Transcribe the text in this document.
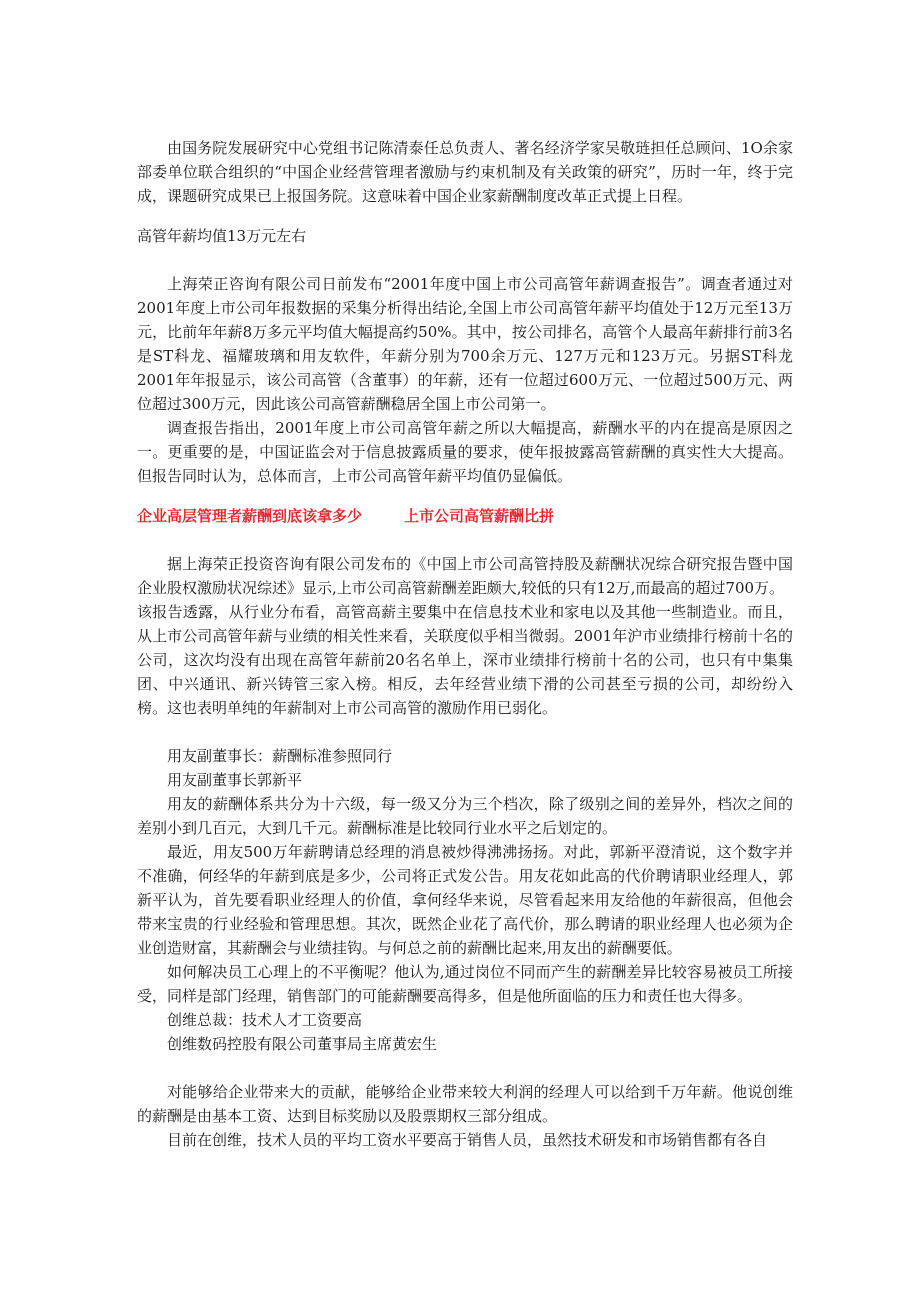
由国务院发展研究中心党组书记陈清泰任总负责人、著名经济学家吴敬琏担任总顾问、1O余家部委单位联合组织的“中国企业经营管理者激励与约束机制及有关政策的研究”，历时一年，终于完成，课题研究成果已上报国务院。这意味着中国企业家薪酬制度改革正式提上日程。

高管年薪均值13万元左右

上海荣正咨询有限公司日前发布“2001年度中国上市公司高管年薪调查报告”。调查者通过对2001年度上市公司年报数据的采集分析得出结论,全国上市公司高管年薪平均值处于12万元至13万元，比前年年薪8万多元平均值大幅提高约50%。其中，按公司排名，高管个人最高年薪排行前3名是ST科龙、福耀玻璃和用友软件，年薪分别为700余万元、127万元和123万元。另据ST科龙2001年年报显示，该公司高管（含董事）的年薪，还有一位超过600万元、一位超过500万元、两位超过300万元，因此该公司高管薪酬稳居全国上市公司第一。

调查报告指出，2001年度上市公司高管年薪之所以大幅提高，薪酬水平的内在提高是原因之一。更重要的是，中国证监会对于信息披露质量的要求，使年报披露高管薪酬的真实性大大提高。但报告同时认为，总体而言，上市公司高管年薪平均值仍显偏低。

企业高层管理者薪酬到底该拿多少	上市公司高管薪酬比拼

据上海荣正投资咨询有限公司发布的《中国上市公司高管持股及薪酬状况综合研究报告暨中国企业股权激励状况综述》显示,上市公司高管薪酬差距颇大,较低的只有12万,而最高的超过700万。

该报告透露，从行业分布看，高管高薪主要集中在信息技术业和家电以及其他一些制造业。而且，从上市公司高管年薪与业绩的相关性来看，关联度似乎相当微弱。2001年沪市业绩排行榜前十名的公司，这次均没有出现在高管年薪前20名名单上，深市业绩排行榜前十名的公司，也只有中集集团、中兴通讯、新兴铸管三家入榜。相反，去年经营业绩下滑的公司甚至亏损的公司，却纷纷入榜。这也表明单纯的年薪制对上市公司高管的激励作用已弱化。

用友副董事长：薪酬标准参照同行

用友副董事长郭新平

用友的薪酬体系共分为十六级，每一级又分为三个档次，除了级别之间的差异外，档次之间的差别小到几百元，大到几千元。薪酬标准是比较同行业水平之后划定的。

最近，用友500万年薪聘请总经理的消息被炒得沸沸扬扬。对此，郭新平澄清说，这个数字并不准确，何经华的年薪到底是多少，公司将正式发公告。用友花如此高的代价聘请职业经理人，郭新平认为，首先要看职业经理人的价值，拿何经华来说，尽管看起来用友给他的年薪很高，但他会带来宝贵的行业经验和管理思想。其次，既然企业花了高代价，那么聘请的职业经理人也必须为企业创造财富，其薪酬会与业绩挂钩。与何总之前的薪酬比起来,用友出的薪酬要低。

如何解决员工心理上的不平衡呢？他认为,通过岗位不同而产生的薪酬差异比较容易被员工所接受，同样是部门经理，销售部门的可能薪酬要高得多，但是他所面临的压力和责任也大得多。

创维总裁：技术人才工资要高

创维数码控股有限公司董事局主席黄宏生

对能够给企业带来大的贡献，能够给企业带来较大利润的经理人可以给到千万年薪。他说创维的薪酬是由基本工资、达到目标奖励以及股票期权三部分组成。

目前在创维，技术人员的平均工资水平要高于销售人员，虽然技术研发和市场销售都有各自
